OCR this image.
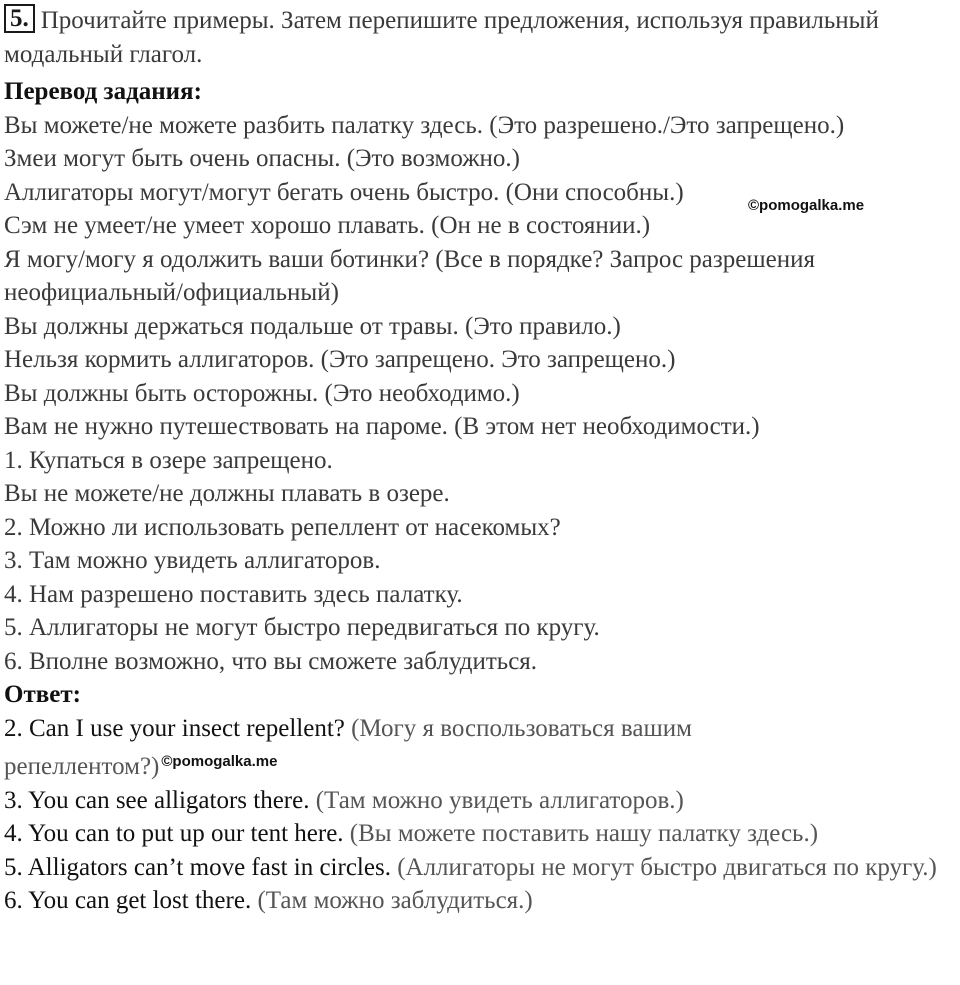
5. Прочитайте примеры. Затем перепишите предложения, используя правильный модальный глагол.
Перевод задания:
Вы можете/не можете разбить палатку здесь. (Это разрешено./Это запрещено.)
Змеи могут быть очень опасны. (Это возможно.)
Аллигаторы могут/могут бегать очень быстро. (Они способны.)
Сэм не умеет/не умеет хорошо плавать. (Он не в состоянии.)
Я могу/могу я одолжить ваши ботинки? (Все в порядке? Запрос разрешения неофициальный/официальный)
Вы должны держаться подальше от травы. (Это правило.)
Нельзя кормить аллигаторов. (Это запрещено. Это запрещено.)
Вы должны быть осторожны. (Это необходимо.)
Вам не нужно путешествовать на пароме. (В этом нет необходимости.)
1. Купаться в озере запрещено.
Вы не можете/не должны плавать в озере.
2. Можно ли использовать репеллент от насекомых?
3. Там можно увидеть аллигаторов.
4. Нам разрешено поставить здесь палатку.
5. Аллигаторы не могут быстро передвигаться по кругу.
6. Вполне возможно, что вы сможете заблудиться.
Ответ:
2. Can I use your insect repellent? (Могу я воспользоваться вашим репеллентом?) $^{©pomogalka.me}$
3. You can see alligators there. (Там можно увидеть аллигаторов.)
4. You can to put up our tent here. (Вы можете поставить нашу палатку здесь.)
5. Alligators can’t move fast in circles. (Аллигаторы не могут быстро двигаться по кругу.)
6. You can get lost there. (Там можно заблудиться.)
©pomogalka.me
